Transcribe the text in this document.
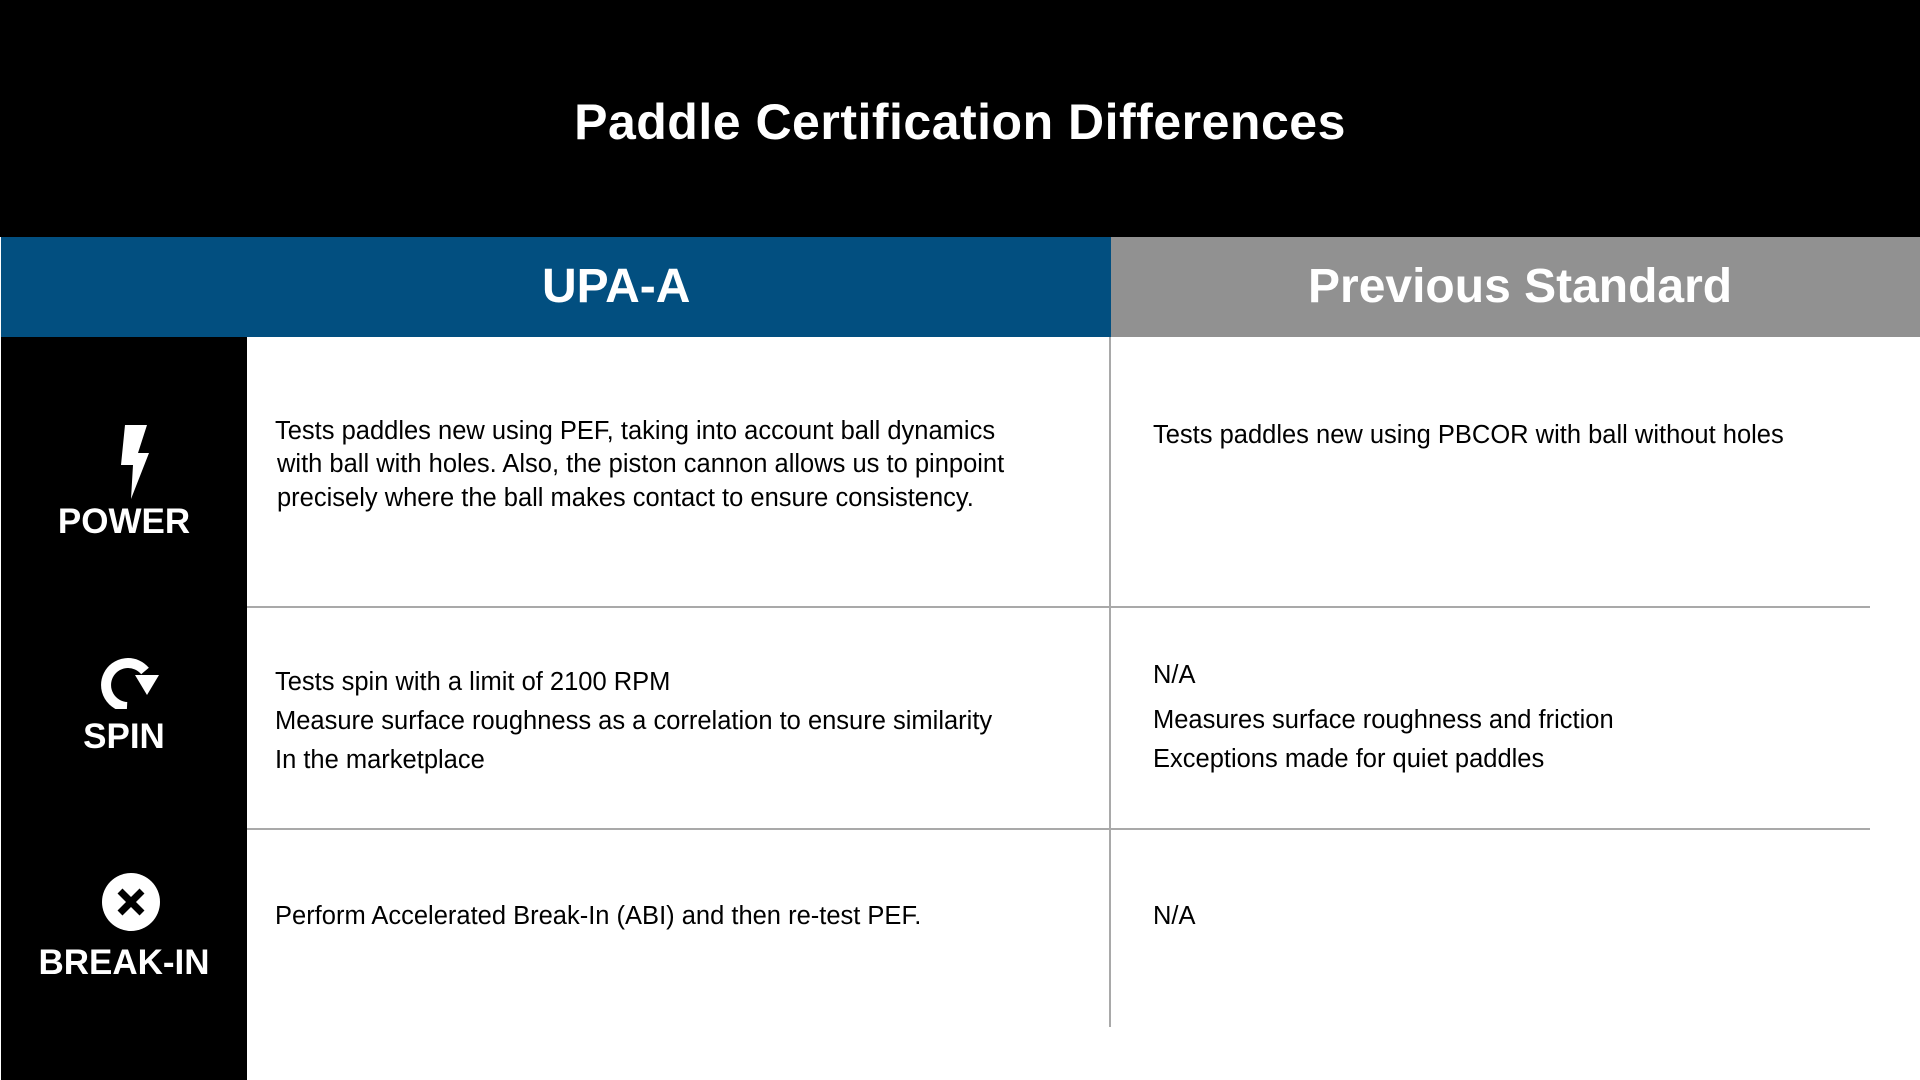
Paddle Certification Differences
UPA-A	Previous Standard
POWER
SPIN
BREAK-IN
Tests paddles new using PEF, taking into account ball dynamics
with ball with holes. Also, the piston cannon allows us to pinpoint
precisely where the ball makes contact to ensure consistency.
Tests paddles new using PBCOR with ball without holes
Tests spin with a limit of 2100 RPM
Measure surface roughness as a correlation to ensure similarity
In the marketplace
N/A
Measures surface roughness and friction
Exceptions made for quiet paddles
Perform Accelerated Break-In (ABI) and then re-test PEF.	N/A
